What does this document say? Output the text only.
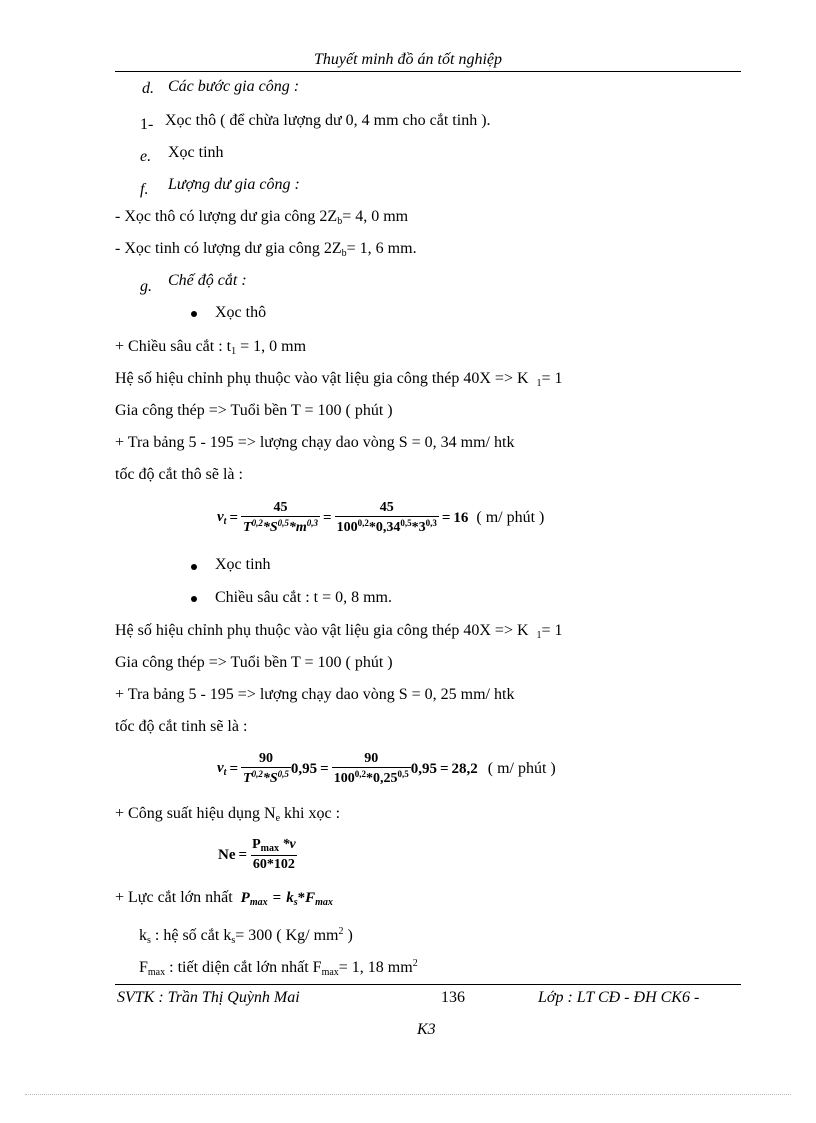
Thuyết minh đồ án tốt nghiệp
d. Các bước gia công :
1- Xọc thô ( để chừa lượng dư 0, 4 mm cho cắt tinh ).
e. Xọc tinh
f. Lượng dư gia công :
- Xọc thô có lượng dư gia công $2Z_b= 4$, 0 mm
- Xọc tinh có lượng dư gia công $2Z_b= 1$, 6 mm.
g. Chế độ cắt :
Xọc thô
+ Chiều sâu cắt : $t_1 = 1$, 0 mm
Hệ số hiệu chỉnh phụ thuộc vào vật liệu gia công thép 40X => K $_1$= 1
Gia công thép => Tuổi bền T = 100 ( phút )
+ Tra bảng 5 - 195 => lượng chạy dao vòng S = 0, 34 mm/ htk
tốc độ cắt thô sẽ là :
$v_t = \frac{45}{T^{0,2}*S^{0,5}*m^{0,3}} = \frac{45}{100^{0,2}*0,34^{0,5}*3^{0,3}} = 16$ ( m/ phút )
Xọc tinh
Chiều sâu cắt : t = 0, 8 mm.
Hệ số hiệu chỉnh phụ thuộc vào vật liệu gia công thép 40X => K $_1$= 1
Gia công thép => Tuổi bền T = 100 ( phút )
+ Tra bảng 5 - 195 => lượng chạy dao vòng S = 0, 25 mm/ htk
tốc độ cắt tinh sẽ là :
$v_t = \frac{90}{T^{0,2}*S^{0,5}} 0,95 = \frac{90}{100^{0,2}*0,25^{0,5}} 0,95 = 28,2$ ( m/ phút )
+ Công suất hiệu dụng $N_e$ khi xọc :
$Ne = \frac{P_{max} *v}{60*102}$
+ Lực cắt lớn nhất $P_{max} = k_s * F_{max}$
$k_s$ : hệ số cắt $k_s= 300$ ( Kg/ $mm^2$ )
$F_{max}$ : tiết diện cắt lớn nhất $F_{max}= 1$, 18 $mm^2$
SVTK : Trần Thị Quỳnh Mai	136	Lớp : LT CĐ - ĐH CK6 -
K3
